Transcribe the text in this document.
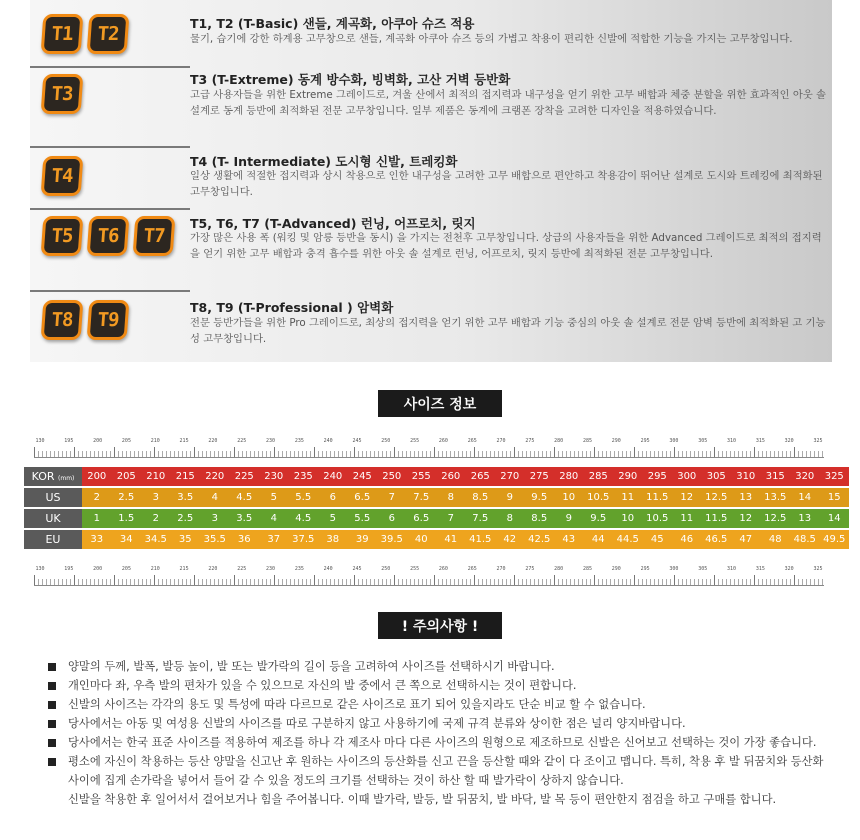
T1 T2	T1, T2 (T-Basic) 샌들, 계곡화, 아쿠아 슈즈 적용
물기, 습기에 강한 하계용 고무창으로 샌들, 계곡화 아쿠아 슈즈 등의 가볍고 착용이 편리한 신발에 적합한 기능을 가지는 고무창입니다.
T3
T3 (T-Extreme) 동계 방수화, 빙벽화, 고산 거벽 등반화
고급 사용자들을 위한 Extreme 그레이드로, 겨울 산에서 최적의 접지력과 내구성을 얻기 위한 고무 배합과 체중 분할을 위한 효과적인 아웃 솔 설계로 동계 등반에 최적화된 전문 고무창입니다. 일부 제품은 동계에 크램폰 장착을 고려한 디자인을 적용하였습니다.
T4
T4 (T- Intermediate) 도시형 신발, 트레킹화
일상 생활에 적절한 접지력과 상시 착용으로 인한 내구성을 고려한 고무 배합으로 편안하고 착용감이 뛰어난 설계로 도시와 트레킹에 최적화된 고무창입니다.
T5 T6 T7
T5, T6, T7 (T-Advanced) 런닝, 어프로치, 릿지
가장 많은 사용 폭 (워킹 및 암릉 등반을 동시) 을 가지는 전천후 고무창입니다. 상급의 사용자들을 위한 Advanced 그레이드로 최적의 접지력을 얻기 위한 고무 배합과 충격 흡수를 위한 아웃 솔 설계로 런닝, 어프로치, 릿지 등반에 최적화된 전문 고무창입니다.
T8 T9
T8, T9 (T-Professional ) 암벽화
전문 등반가들을 위한 Pro 그레이드로, 최상의 접지력을 얻기 위한 고무 배합과 기능 중심의 아웃 솔 설계로 전문 암벽 등반에 최적화된 고 기능성 고무창입니다.
사이즈 정보
130	195	200	205	210	215	220	225	230	235	240	245	250	255	260	265	270	275	280	285	290	295	300	305	310	315	320	325
KOR (mm)	200	205	210	215	220	225	230	235	240	245	250	255	260	265	270	275	280	285	290	295	300	305	310	315	320	325
US	2	2.5	3	3.5	4	4.5	5	5.5	6	6.5	7	7.5	8	8.5	9	9.5	10	10.5	11	11.5	12	12.5	13	13.5	14	15
UK	1	1.5	2	2.5	3	3.5	4	4.5	5	5.5	6	6.5	7	7.5	8	8.5	9	9.5	10	10.5	11	11.5	12	12.5	13	14
EU	33	34	34.5	35	35.5	36	37	37.5	38	39	39.5	40	41	41.5	42	42.5	43	44	44.5	45	46	46.5	47	48	48.5	49.5
130	195	200	205	210	215	220	225	230	235	240	245	250	255	260	265	270	275	280	285	290	295	300	305	310	315	320	325
! 주의사항 !
양말의 두께, 발폭, 발등 높이, 발 또는 발가락의 길이 등을 고려하여 사이즈를 선택하시기 바랍니다.
개인마다 좌, 우측 발의 편차가 있을 수 있으므로 자신의 발 중에서 큰 쪽으로 선택하시는 것이 편합니다.
신발의 사이즈는 각각의 용도 및 특성에 따라 다르므로 같은 사이즈로 표기 되어 있을지라도 단순 비교 할 수 없습니다.
당사에서는 아동 및 여성용 신발의 사이즈를 따로 구분하지 않고 사용하기에 국제 규격 분류와 상이한 점은 널리 양지바랍니다.
당사에서는 한국 표준 사이즈를 적용하여 제조를 하나 각 제조사 마다 다른 사이즈의 원형으로 제조하므로 신발은 신어보고 선택하는 것이 가장 좋습니다.
평소에 자신이 착용하는 등산 양말을 신고난 후 원하는 사이즈의 등산화를 신고 끈을 등산할 때와 같이 다 조이고 맵니다. 특히, 착용 후 발 뒤꿈치와 등산화 사이에 집게 손가락을 넣어서 들어 갈 수 있을 정도의 크기를 선택하는 것이 하산 할 때 발가락이 상하지 않습니다.
신발을 착용한 후 일어서서 걸어보거나 힘을 주어봅니다. 이때 발가락, 발등, 발 뒤꿈치, 발 바닥, 발 목 등이 편안한지 점검을 하고 구매를 합니다.
